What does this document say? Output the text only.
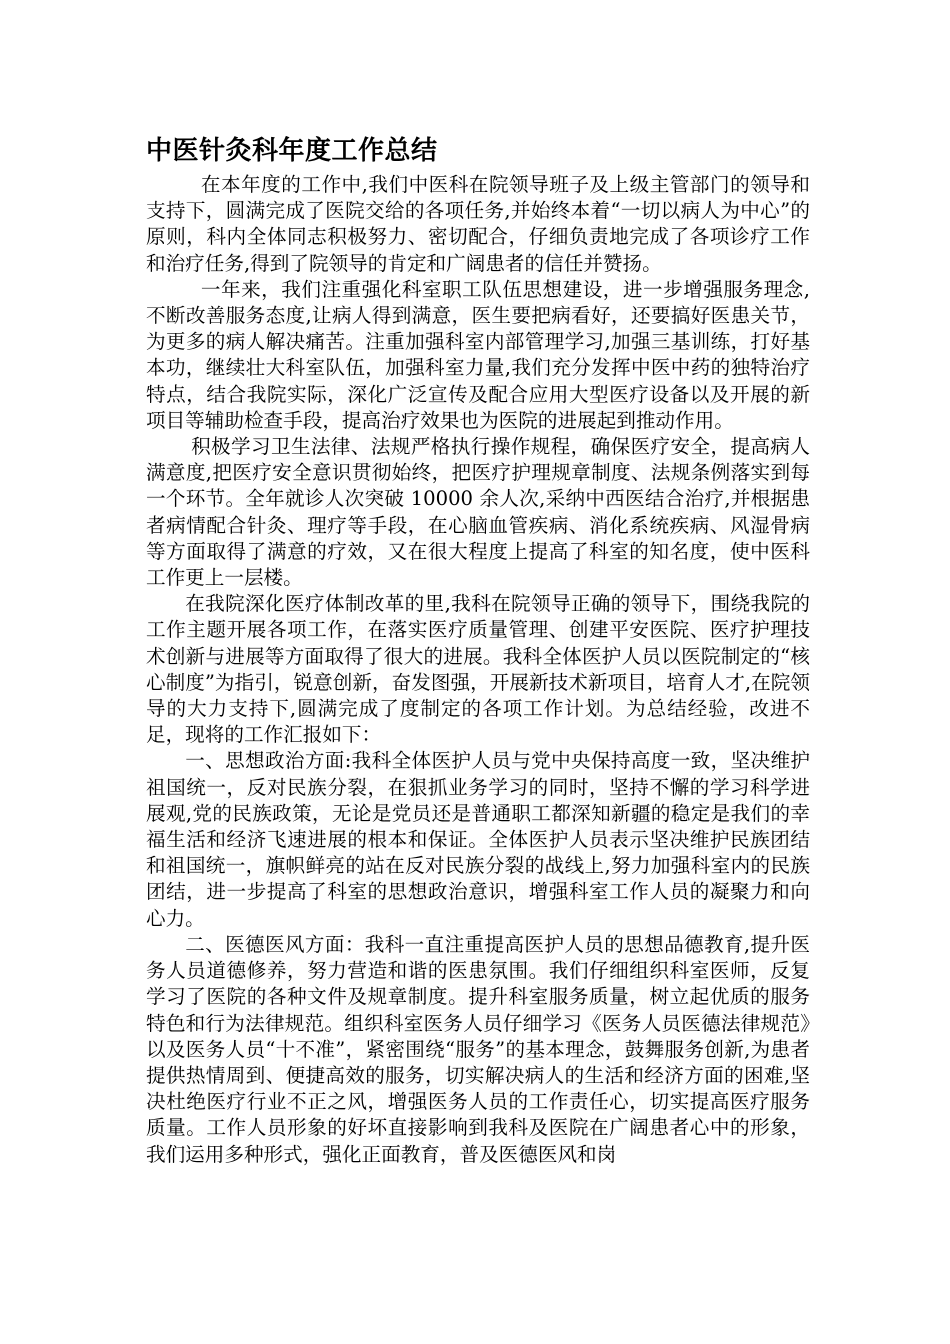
中医针灸科年度工作总结

在本年度的工作中,我们中医科在院领导班子及上级主管部门的领导和支持下，圆满完成了医院交给的各项任务,并始终本着“一切以病人为中心”的原则，科内全体同志积极努力、密切配合，仔细负责地完成了各项诊疗工作和治疗任务,得到了院领导的肯定和广阔患者的信任并赞扬。

一年来，我们注重强化科室职工队伍思想建设，进一步增强服务理念,不断改善服务态度,让病人得到满意，医生要把病看好，还要搞好医患关节，为更多的病人解决痛苦。注重加强科室内部管理学习,加强三基训练，打好基本功，继续壮大科室队伍，加强科室力量,我们充分发挥中医中药的独特治疗特点，结合我院实际，深化广泛宣传及配合应用大型医疗设备以及开展的新项目等辅助检查手段，提高治疗效果也为医院的进展起到推动作用。

积极学习卫生法律、法规严格执行操作规程，确保医疗安全，提高病人满意度,把医疗安全意识贯彻始终，把医疗护理规章制度、法规条例落实到每一个环节。全年就诊人次突破 10000 余人次,采纳中西医结合治疗,并根据患者病情配合针灸、理疗等手段，在心脑血管疾病、消化系统疾病、风湿骨病等方面取得了满意的疗效，又在很大程度上提高了科室的知名度，使中医科工作更上一层楼。

在我院深化医疗体制改革的里,我科在院领导正确的领导下，围绕我院的工作主题开展各项工作，在落实医疗质量管理、创建平安医院、医疗护理技术创新与进展等方面取得了很大的进展。我科全体医护人员以医院制定的“核心制度”为指引，锐意创新，奋发图强，开展新技术新项目，培育人才,在院领导的大力支持下,圆满完成了度制定的各项工作计划。为总结经验，改进不足，现将的工作汇报如下：

一、思想政治方面:我科全体医护人员与党中央保持高度一致，坚决维护祖国统一，反对民族分裂，在狠抓业务学习的同时，坚持不懈的学习科学进展观,党的民族政策，无论是党员还是普通职工都深知新疆的稳定是我们的幸福生活和经济飞速进展的根本和保证。全体医护人员表示坚决维护民族团结和祖国统一，旗帜鲜亮的站在反对民族分裂的战线上,努力加强科室内的民族团结，进一步提高了科室的思想政治意识，增强科室工作人员的凝聚力和向心力。

二、医德医风方面：我科一直注重提高医护人员的思想品德教育,提升医务人员道德修养，努力营造和谐的医患氛围。我们仔细组织科室医师，反复学习了医院的各种文件及规章制度。提升科室服务质量，树立起优质的服务特色和行为法律规范。组织科室医务人员仔细学习《医务人员医德法律规范》以及医务人员“十不准”，紧密围绕“服务”的基本理念，鼓舞服务创新,为患者提供热情周到、便捷高效的服务，切实解决病人的生活和经济方面的困难,坚决杜绝医疗行业不正之风，增强医务人员的工作责任心，切实提高医疗服务质量。工作人员形象的好坏直接影响到我科及医院在广阔患者心中的形象，我们运用多种形式，强化正面教育，普及医德医风和岗
